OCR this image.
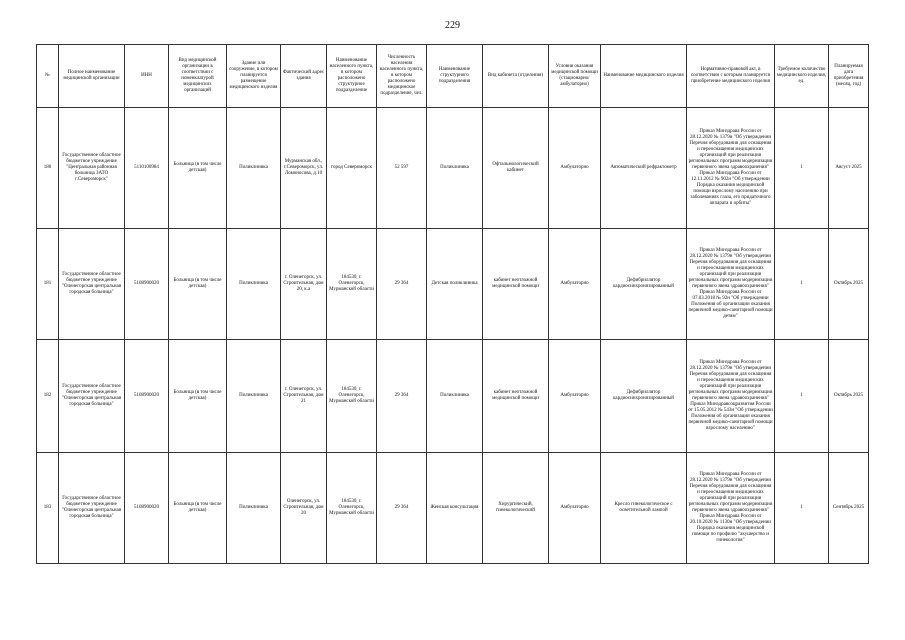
229
№	Полное наименование медицинской организации	ИНН	Вид медицинской организации в соответствии с номенклатурой медицинских организаций	Здание или сооружение, в котором планируется размещение медицинского изделия	Фактический адрес здания	Наименование населенного пункта, в котором расположено структурное подразделение	Численность населения населенного пункта, в котором расположено медицинское подразделение, чел.	Наименование структурного подразделения	Вид кабинета (отделения)	Условия оказания медицинской помощи (стационарно/амбулаторно)	Наименование медицинского изделия	Нормативно-правовой акт, в соответствии с которым планируется приобретение медицинского изделия	Требуемое количество медицинского изделия, ед.	Планируемая дата приобретения (месяц, год)
180	Государственное областное бюджетное учреждение "Центральная районная больница ЗАТО г.Североморск"	5110100984	Больница (в том числе детская)	Поликлиника	Мурманская обл., г.Североморск, ул. Ломоносова, д.10	город Североморск	52 597	Поликлиника	Офтальмологический кабинет	Амбулаторно	Автоматический рефрактометр	Приказ Минздрава России от 28.12.2020 № 1379н "Об утверждении Перечня оборудования для оснащения и переоснащения медицинских организаций при реализации региональных программ модернизации первичного звена здравоохранения" Приказ Минздрава России от 12.11.2012 № 902н "Об утверждении Порядка оказания медицинской помощи взрослому населению при заболеваниях глаза, его придаточного аппарата и орбиты"	1	Август 2025
181	Государственное областное бюджетное учреждение "Оленегорская центральная городская больница"	5108900020	Больница (в том числе детская)	Поликлиника	г. Оленегорск, ул. Строительная, дом 20, к.а	184530, г. Оленегорск, Мурманской области	29 364	Детская поликлиника	кабинет неотложной медицинской помощи	Амбулаторно	Дефибриллятор кардиосинхронизированный	Приказ Минздрава России от 28.12.2020 № 1379н "Об утверждении Перечня оборудования для оснащения и переоснащения медицинских организаций при реализации региональных программ модернизации первичного звена здравоохранения" Приказ Минздрава России от 07.03.2018 № 92н "Об утверждении Положения об организации оказания первичной медико-санитарной помощи детям"	1	Октябрь 2025
182	Государственное областное бюджетное учреждение "Оленегорская центральная городская больница"	5108900020	Больница (в том числе детская)	Поликлиника	г. Оленегорск, ул. Строительная, дом 21	184530, г. Оленегорск, Мурманской области	29 364	Поликлиника	кабинет неотложной медицинской помощи	Амбулаторно	Дефибриллятор кардиосинхронизированный	Приказ Минздрава России от 28.12.2020 № 1379н "Об утверждении Перечня оборудования для оснащения и переоснащения медицинских организаций при реализации региональных программ модернизации первичного звена здравоохранения" Приказ Минздравсоцразвития России от 15.05.2012 № 543н "Об утверждении Положения об организации оказания первичной медико-санитарной помощи взрослому населению"	1	Октябрь 2025
183	Государственное областное бюджетное учреждение "Оленегорская центральная городская больница"	5108900020	Больница (в том числе детская)	Поликлиника	Оленегорск, ул. Строительная, дом 20	184530, г. Оленегорск, Мурманской области	29 364	Женская консультация	Хирургический, гинекологический	Амбулаторно	Кресло гинекологическое с осветительной лампой	Приказ Минздрава России от 28.12.2020 № 1379н "Об утверждении Перечня оборудования для оснащения и переоснащения медицинских организаций при реализации региональных программ модернизации первичного звена здравоохранения" Приказ Минздрава России от 20.10.2020 № 1130н "Об утверждении Порядка оказания медицинской помощи по профилю "акушерство и гинекология"	1	Сентябрь 2025
